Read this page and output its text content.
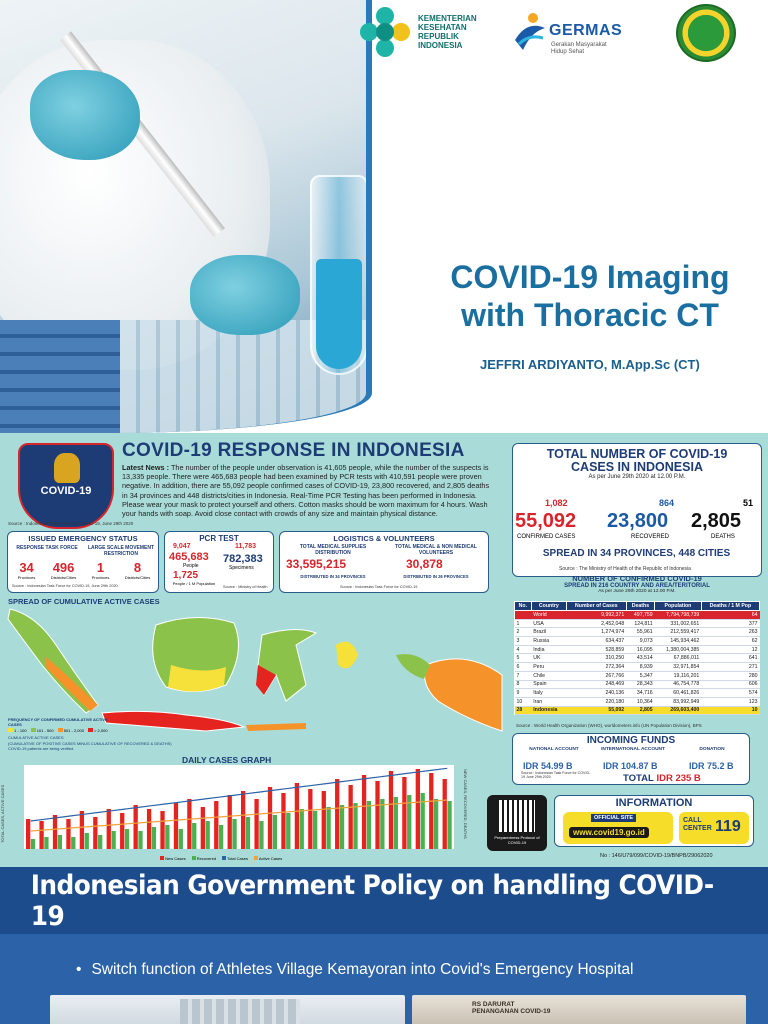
KEMENTERIAN
KESEHATAN
REPUBLIK
INDONESIA
GERMAS
Gerakan Masyarakat
Hidup Sehat
COVID-19 Imaging
with Thoracic CT
JEFFRI ARDIYANTO, M.App.Sc (CT)
COVID-19
COVID-19 RESPONSE IN INDONESIA
Latest News : The number of the people under observation is 41,605 people, while the number of the suspects is 13,335 people. There were 465,683 people had been examined by PCR tests with 410,591 people were proven negative. In addition, there are 55,092 people confirmed cases of COVID-19, 23,800 recovered, and 2,805 deaths in 34 provinces and 448 districts/cities in Indonesia. Real-Time PCR Testing has been performed in Indonesia. Please wear your mask to protect yourself and others. Cotton masks should be worn maximum for 4 hours. Wash your hands with soap. Avoid close contact with crowds of any size and maintain physical distance.
Source : Indonesian Task Force for COVID-19, June 29th 2020
ISSUED EMERGENCY STATUS
RESPONSE TASK FORCE	LARGE SCALE MOVEMENT RESTRICTION
34
Provinces
496
Districts/Cities
1
Provinces
8
Districts/Cities
Source : Indonesian Task Force for COVID-19, June 29th 2020
PCR TEST
9,047
465,683
People
1,725
People / 1 M Population
11,783
782,383
Specimens
Source : Ministry of Health
LOGISTICS & VOLUNTEERS
TOTAL MEDICAL SUPPLIES DISTRIBUTION
33,595,215
DISTRIBUTED IN 34 PROVINCES
TOTAL MEDICAL & NON MEDICAL VOLUNTEERS
30,878
DISTRIBUTED IN 26 PROVINCES
Source : Indonesian Task Force for COVID-19
TOTAL NUMBER OF COVID-19
CASES IN INDONESIA
As per June 29th 2020 at 12.00 P.M.
1,082
55,092
CONFIRMED CASES
864
23,800
RECOVERED
51
2,805
DEATHS
SPREAD IN 34 PROVINCES, 448 CITIES
Source : The Ministry of Health of the Republic of Indonesia
NUMBER OF CONFIRMED COVID-19
SPREAD IN 216 COUNTRY AND AREA/TERITORIAL
As per June 29th 2020 at 12.00 P.M.
No.	Country	Number of Cases	Deaths	Population	Deaths / 1 M Pop
	World	9,992,371	497,759	7,794,798,739	64
1	USA	2,452,048	124,811	331,002,651	377
2	Brazil	1,274,974	55,961	212,559,417	263
3	Russia	634,437	9,073	145,934,462	62
4	India	528,859	16,095	1,380,004,385	12
5	UK	310,250	43,514	67,886,011	641
6	Peru	272,364	8,939	32,971,854	271
7	Chile	267,766	5,347	19,116,201	280
8	Spain	248,469	28,343	46,754,778	606
9	Italy	240,136	34,716	60,461,826	574
10	Iran	220,180	10,364	83,992,949	123
28	Indonesia	55,092	2,805	269,603,400	10
Source : World Health Organization (WHO), worldometers.info (UN Population Division), BPS
SPREAD OF CUMULATIVE ACTIVE CASES
FREQUENCY OF CONFIRMED CUMULATIVE ACTIVE CASES
1 - 100	101 - 500	501 - 2,000	> 2,000
CUMULATIVE ACTIVE CASES
(CUMULATIVE OF POSITIVE CASES MINUS CUMULATIVE OF RECOVERED & DEATHS)
COVID-19 patients are being verified
DAILY CASES GRAPH
TOTAL CASES, ACTIVE CASES	NEW CASES, RECOVERED, DEATHS
New Cases	Recovered	Total Cases	Active Cases
INCOMING FUNDS
NATIONAL ACCOUNT
IDR 54.99 B
INTERNATIONAL ACCOUNT
IDR 104.87 B
DONATION
IDR 75.2 B
TOTAL IDR 235 B
Source : Indonesian Task Force for COVID-19 June 29th 2020
Preparedness Protocol of COVID-19
INFORMATION
OFFICIAL SITE
www.covid19.go.id
CALL
CENTER 119
No : 146/U79/099/COVID-19/BNPB/29062020
Indonesian Government Policy on handling COVID-19
• Switch function of Athletes Village Kemayoran into Covid's Emergency Hospital
RS DARURAT
PENANGANAN COVID-19
